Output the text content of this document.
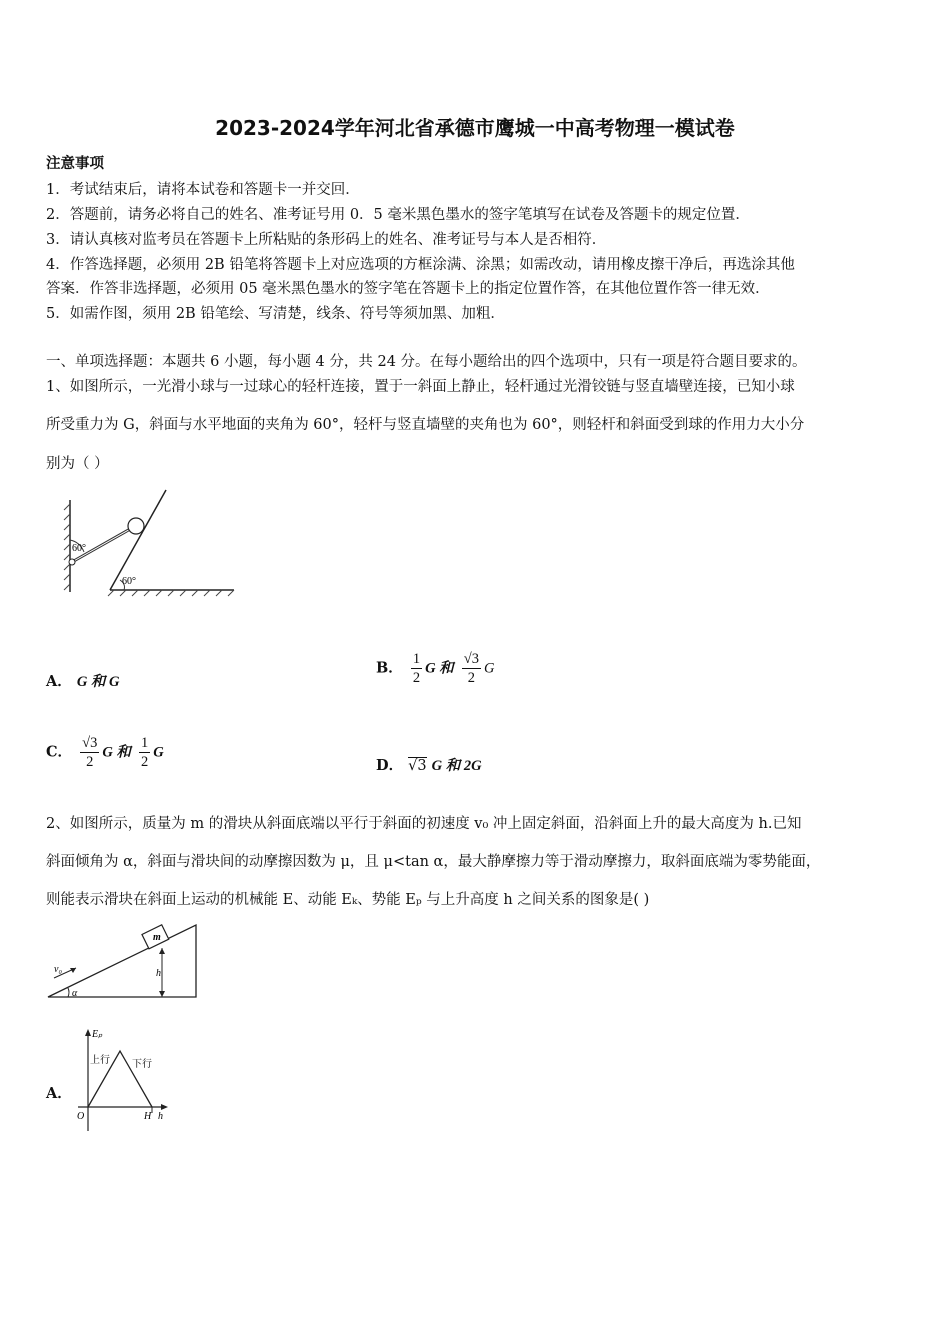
2023-2024学年河北省承德市鹰城一中高考物理一模试卷
注意事项
1．考试结束后，请将本试卷和答题卡一并交回．
2．答题前，请务必将自己的姓名、准考证号用 0．5 毫米黑色墨水的签字笔填写在试卷及答题卡的规定位置．
3．请认真核对监考员在答题卡上所粘贴的条形码上的姓名、准考证号与本人是否相符．
4．作答选择题，必须用 2B 铅笔将答题卡上对应选项的方框涂满、涂黑；如需改动，请用橡皮擦干净后，再选涂其他
答案．作答非选择题，必须用 05 毫米黑色墨水的签字笔在答题卡上的指定位置作答，在其他位置作答一律无效．
5．如需作图，须用 2B 铅笔绘、写清楚，线条、符号等须加黑、加粗．
一、单项选择题：本题共 6 小题，每小题 4 分，共 24 分。在每小题给出的四个选项中，只有一项是符合题目要求的。
1、如图所示，一光滑小球与一过球心的轻杆连接，置于一斜面上静止，轻杆通过光滑铰链与竖直墙壁连接，已知小球
所受重力为 G，斜面与水平地面的夹角为 60°，轻杆与竖直墙壁的夹角也为 60°，则轻杆和斜面受到球的作用力大小分
别为（ ）
60°
60°
A． G 和 G
B． $\frac{1}{2}$ G 和 $\frac{√3}{2}$ G
C． $\frac{√3}{2}$ G 和 $\frac{1}{2}$ G
D． √3 G 和 2G
2、如图所示，质量为 m 的滑块从斜面底端以平行于斜面的初速度 v₀ 冲上固定斜面，沿斜面上升的最大高度为 h.已知
斜面倾角为 α，斜面与滑块间的动摩擦因数为 μ，且 μ<tan α，最大静摩擦力等于滑动摩擦力，取斜面底端为零势能面，
则能表示滑块在斜面上运动的机械能 E、动能 Eₖ、势能 Eₚ 与上升高度 h 之间关系的图象是( )
m
h
v₀
α
A．
Eₚ
上行 下行
O	H h
